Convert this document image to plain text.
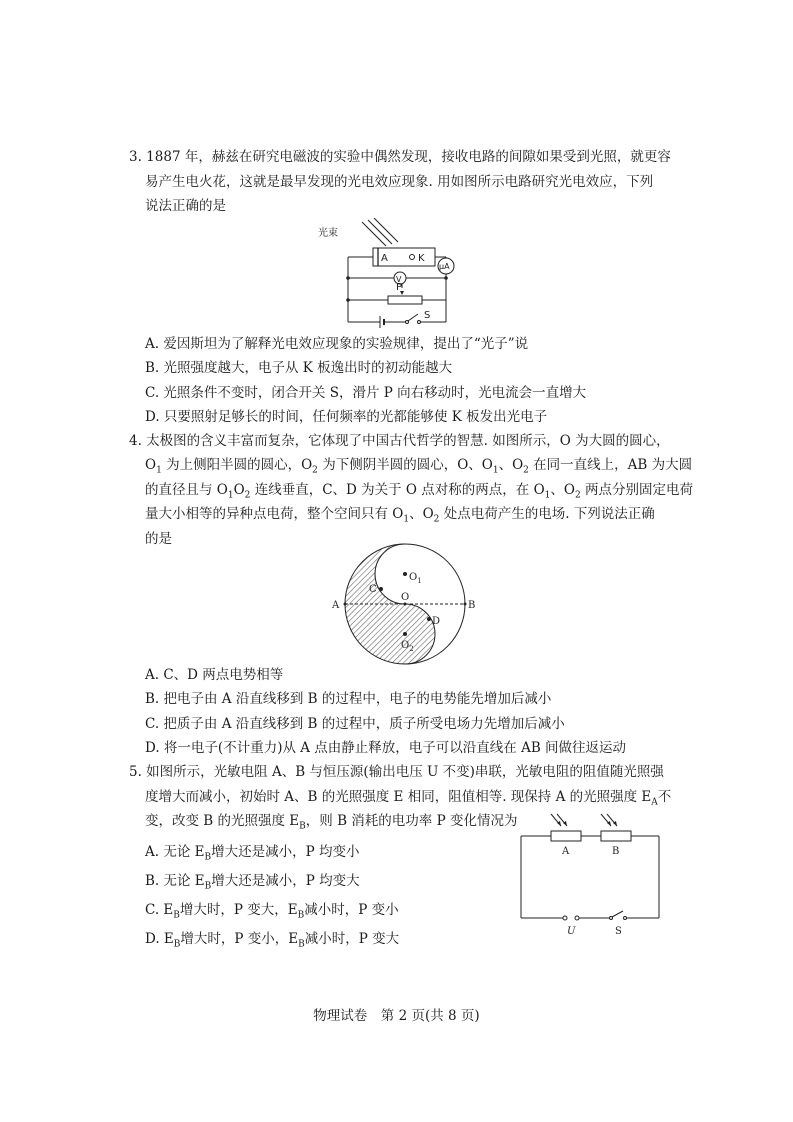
3. 1887 年，赫兹在研究电磁波的实验中偶然发现，接收电路的间隙如果受到光照，就更容
易产生电火花，这就是最早发现的光电效应现象. 用如图所示电路研究光电效应，下列
说法正确的是
光束
A	K
μA
V
P
S
A. 爱因斯坦为了解释光电效应现象的实验规律，提出了“光子”说
B. 光照强度越大，电子从 K 板逸出时的初动能越大
C. 光照条件不变时，闭合开关 S，滑片 P 向右移动时，光电流会一直增大
D. 只要照射足够长的时间，任何频率的光都能够使 K 板发出光电子
4. 太极图的含义丰富而复杂，它体现了中国古代哲学的智慧. 如图所示，O 为大圆的圆心，
$O_1$ 为上侧阳半圆的圆心，$O_2$ 为下侧阴半圆的圆心，O、$O_1$、$O_2$ 在同一直线上，AB 为大圆
的直径且与 $O_1O_2$ 连线垂直，C、D 为关于 O 点对称的两点，在 $O_1$、$O_2$ 两点分别固定电荷
量大小相等的异种点电荷，整个空间只有 $O_1$、$O_2$ 处点电荷产生的电场. 下列说法正确
的是
A	B
C
D
O
$O_1$
$O_2$
A. C、D 两点电势相等
B. 把电子由 A 沿直线移到 B 的过程中，电子的电势能先增加后减小
C. 把质子由 A 沿直线移到 B 的过程中，质子所受电场力先增加后减小
D. 将一电子(不计重力)从 A 点由静止释放，电子可以沿直线在 AB 间做往返运动
5. 如图所示，光敏电阻 A、B 与恒压源(输出电压 U 不变)串联，光敏电阻的阻值随光照强
度增大而减小，初始时 A、B 的光照强度 E 相同，阻值相等. 现保持 A 的光照强度 $E_A$不
变，改变 B 的光照强度 $E_B$，则 B 消耗的电功率 P 变化情况为
A. 无论 $E_B$增大还是减小，P 均变小
B. 无论 $E_B$增大还是减小，P 均变大
C. $E_B$增大时，P 变大，$E_B$减小时，P 变小
D. $E_B$增大时，P 变小，$E_B$减小时，P 变大
A	B
U	S
物理试卷　第 2 页(共 8 页)
